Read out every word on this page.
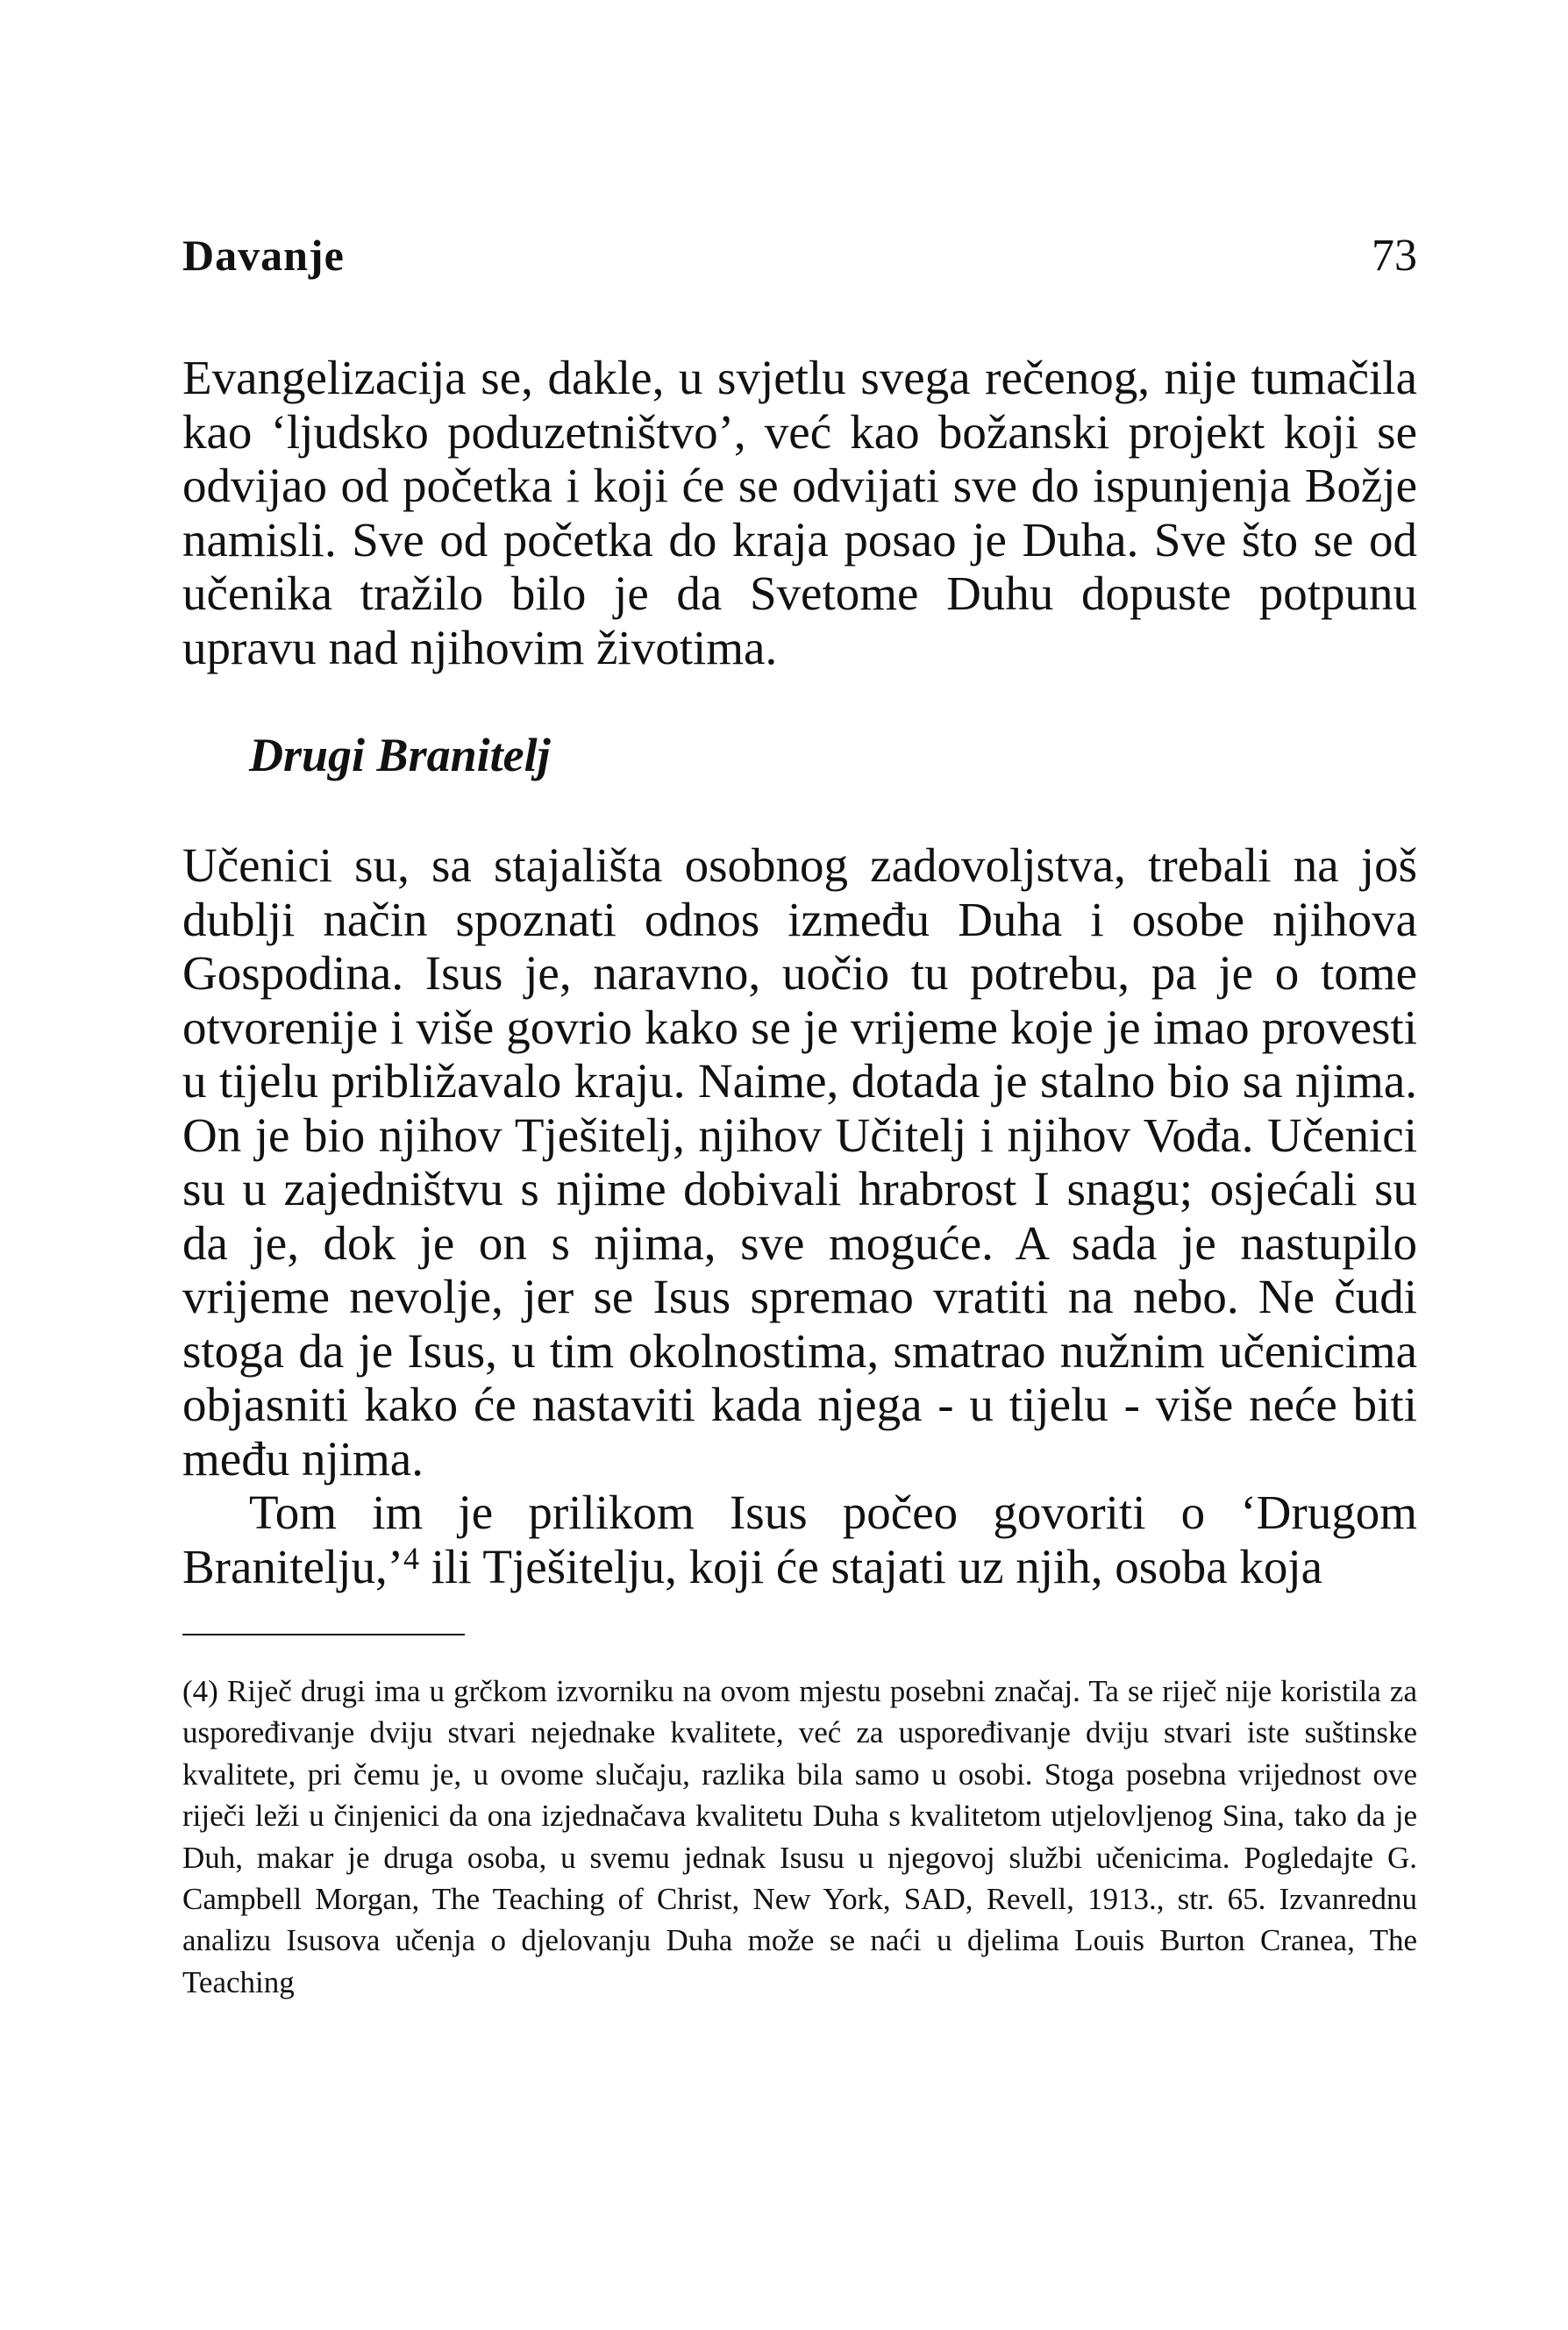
Davanje	73

Evangelizacija se, dakle, u svjetlu svega rečenog, nije tumačila kao ‘ljudsko poduzetništvo’, već kao božanski projekt koji se odvijao od početka i koji će se odvijati sve do ispunjenja Božje namisli. Sve od početka do kraja posao je Duha. Sve što se od učenika tražilo bilo je da Svetome Duhu dopuste potpunu upravu nad njihovim životima.

Drugi Branitelj

Učenici su, sa stajališta osobnog zadovoljstva, trebali na još dublji način spoznati odnos između Duha i osobe njihova Gospodina. Isus je, naravno, uočio tu potrebu, pa je o tome otvorenije i više govrio kako se je vrijeme koje je imao provesti u tijelu približavalo kraju. Naime, dotada je stalno bio sa njima. On je bio njihov Tješitelj, njihov Učitelj i njihov Vođa. Učenici su u zajedništvu s njime dobivali hrabrost I snagu; osjećali su da je, dok je on s njima, sve moguće. A sada je nastupilo vrijeme nevolje, jer se Isus spremao vratiti na nebo. Ne čudi stoga da je Isus, u tim okolnostima, smatrao nužnim učenicima objasniti kako će nastaviti kada njega - u tijelu - više neće biti među njima.

Tom im je prilikom Isus počeo govoriti o ‘Drugom Branitelju,’$^4$ ili Tješitelju, koji će stajati uz njih, osoba koja

(4) Riječ drugi ima u grčkom izvorniku na ovom mjestu posebni značaj. Ta se riječ nije koristila za uspoređivanje dviju stvari nejednake kvalitete, već za uspoređivanje dviju stvari iste suštinske kvalitete, pri čemu je, u ovome slučaju, razlika bila samo u osobi. Stoga posebna vrijednost ove riječi leži u činjenici da ona izjednačava kvalitetu Duha s kvalitetom utjelovljenog Sina, tako da je Duh, makar je druga osoba, u svemu jednak Isusu u njegovoj službi učenicima. Pogledajte G. Campbell Morgan, The Teaching of Christ, New York, SAD, Revell, 1913., str. 65. Izvanrednu analizu Isusova učenja o djelovanju Duha može se naći u djelima Louis Burton Cranea, The Teaching
